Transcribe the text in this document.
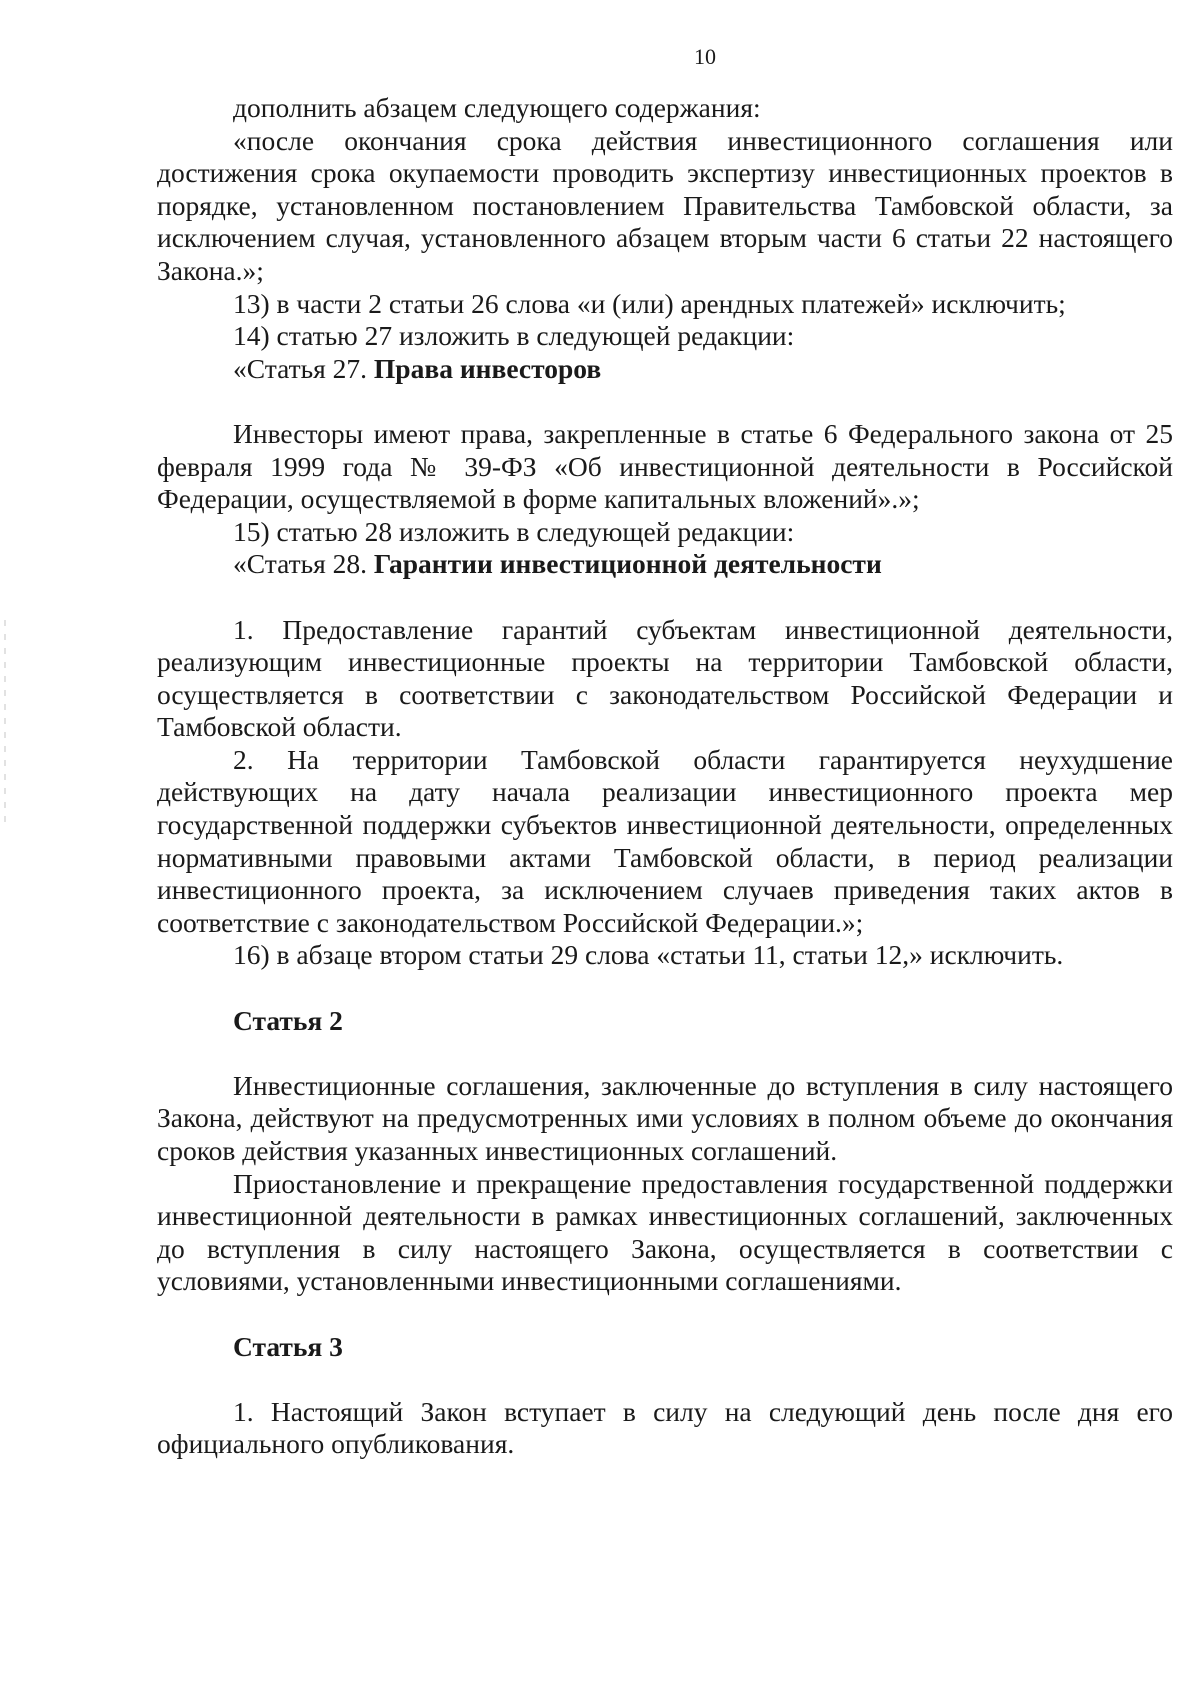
10

дополнить абзацем следующего содержания:

«после окончания срока действия инвестиционного соглашения или достижения срока окупаемости проводить экспертизу инвестиционных проектов в порядке, установленном постановлением Правительства Тамбовской области, за исключением случая, установленного абзацем вторым части 6 статьи 22 настоящего Закона.»;

13) в части 2 статьи 26 слова «и (или) арендных платежей» исключить;

14) статью 27 изложить в следующей редакции:

«Статья 27. Права инвесторов

Инвесторы имеют права, закрепленные в статье 6 Федерального закона от 25 февраля 1999 года № 39-ФЗ «Об инвестиционной деятельности в Российской Федерации, осуществляемой в форме капитальных вложений».»;

15) статью 28 изложить в следующей редакции:

«Статья 28. Гарантии инвестиционной деятельности

1. Предоставление гарантий субъектам инвестиционной деятельности, реализующим инвестиционные проекты на территории Тамбовской области, осуществляется в соответствии с законодательством Российской Федерации и Тамбовской области.

2. На территории Тамбовской области гарантируется неухудшение действующих на дату начала реализации инвестиционного проекта мер государственной поддержки субъектов инвестиционной деятельности, определенных нормативными правовыми актами Тамбовской области, в период реализации инвестиционного проекта, за исключением случаев приведения таких актов в соответствие с законодательством Российской Федерации.»;

16) в абзаце втором статьи 29 слова «статьи 11, статьи 12,» исключить.

Статья 2

Инвестиционные соглашения, заключенные до вступления в силу настоящего Закона, действуют на предусмотренных ими условиях в полном объеме до окончания сроков действия указанных инвестиционных соглашений.

Приостановление и прекращение предоставления государственной поддержки инвестиционной деятельности в рамках инвестиционных соглашений, заключенных до вступления в силу настоящего Закона, осуществляется в соответствии с условиями, установленными инвестиционными соглашениями.

Статья 3

1. Настоящий Закон вступает в силу на следующий день после дня его официального опубликования.
